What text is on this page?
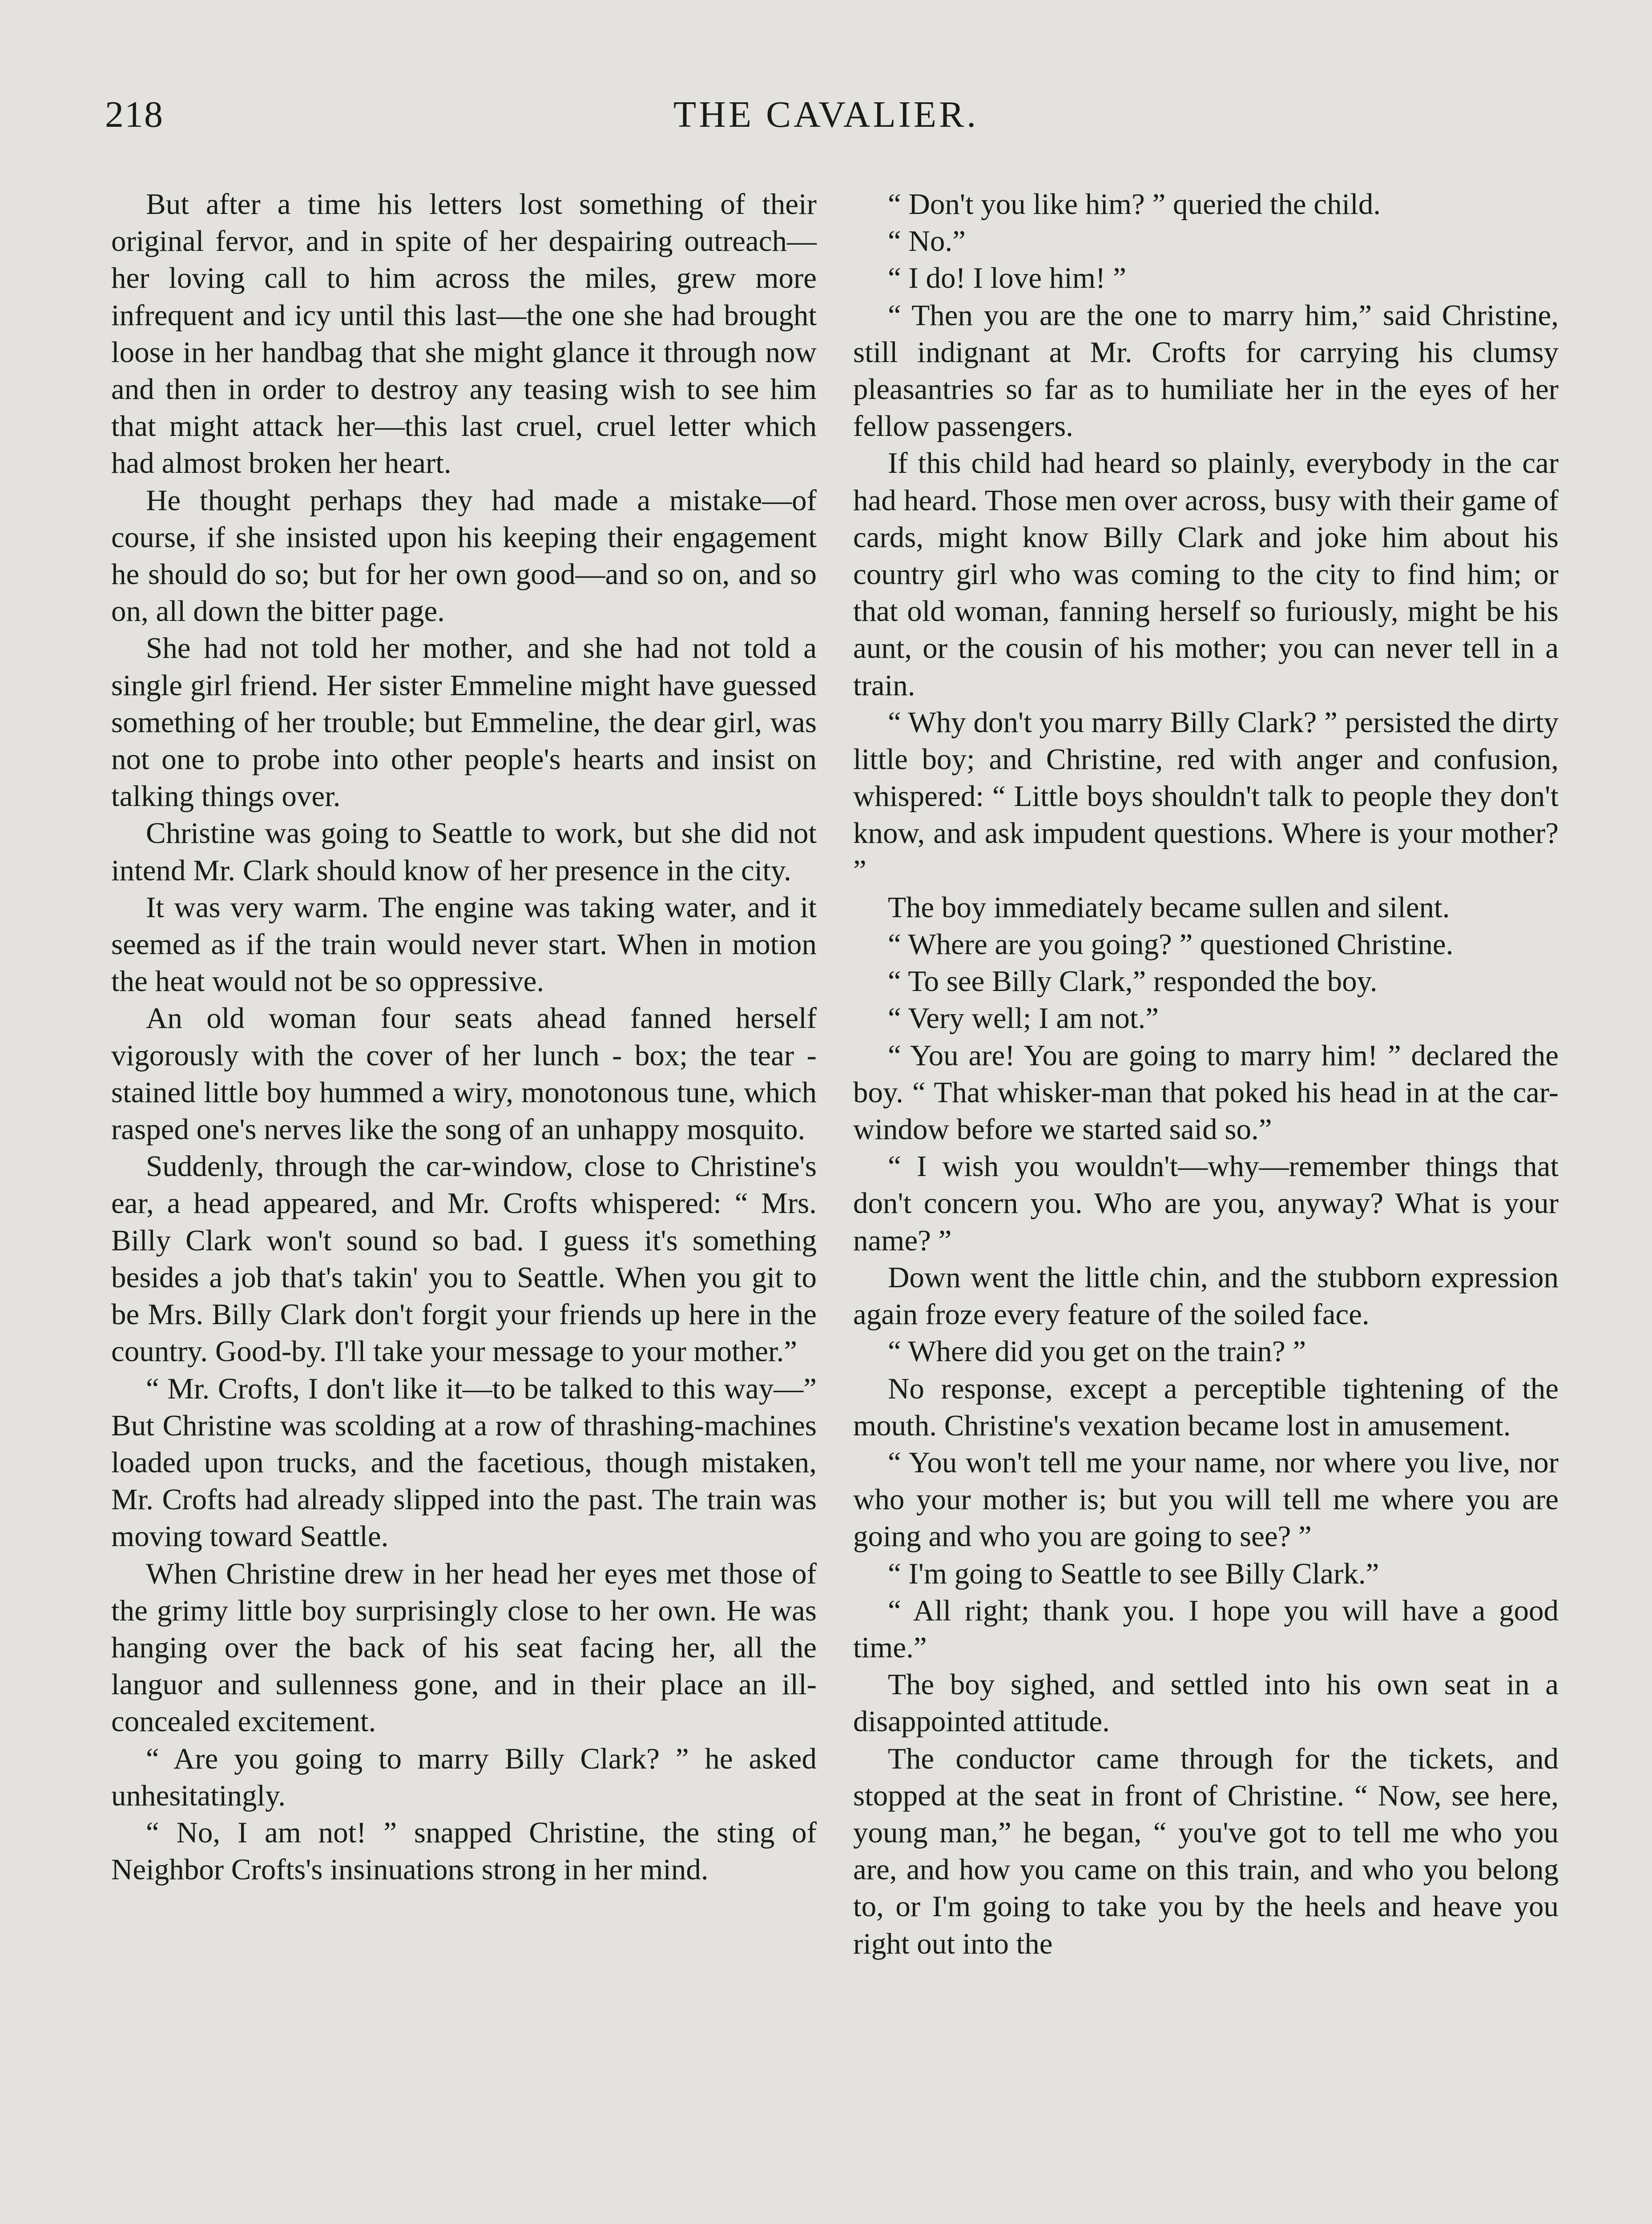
218	THE CAVALIER.

But after a time his letters lost something of their original fervor, and in spite of her despairing outreach—her loving call to him across the miles, grew more infrequent and icy until this last—the one she had brought loose in her handbag that she might glance it through now and then in order to destroy any teasing wish to see him that might attack her—this last cruel, cruel letter which had almost broken her heart.

He thought perhaps they had made a mistake—of course, if she insisted upon his keeping their engagement he should do so; but for her own good—and so on, and so on, all down the bitter page.

She had not told her mother, and she had not told a single girl friend. Her sister Emmeline might have guessed something of her trouble; but Emmeline, the dear girl, was not one to probe into other people's hearts and insist on talking things over.

Christine was going to Seattle to work, but she did not intend Mr. Clark should know of her presence in the city.

It was very warm. The engine was taking water, and it seemed as if the train would never start. When in motion the heat would not be so oppressive.

An old woman four seats ahead fanned herself vigorously with the cover of her lunch - box; the tear - stained little boy hummed a wiry, monotonous tune, which rasped one's nerves like the song of an unhappy mosquito.

Suddenly, through the car-window, close to Christine's ear, a head appeared, and Mr. Crofts whispered: “ Mrs. Billy Clark won't sound so bad. I guess it's something besides a job that's takin' you to Seattle. When you git to be Mrs. Billy Clark don't forgit your friends up here in the country. Good-by. I'll take your message to your mother.”

“ Mr. Crofts, I don't like it—to be talked to this way—” But Christine was scolding at a row of thrashing-machines loaded upon trucks, and the facetious, though mistaken, Mr. Crofts had already slipped into the past. The train was moving toward Seattle.

When Christine drew in her head her eyes met those of the grimy little boy surprisingly close to her own. He was hanging over the back of his seat facing her, all the languor and sullenness gone, and in their place an ill-concealed excitement.

“ Are you going to marry Billy Clark? ” he asked unhesitatingly.

“ No, I am not! ” snapped Christine, the sting of Neighbor Crofts's insinuations strong in her mind.

“ Don't you like him? ” queried the child.

“ No.”

“ I do! I love him! ”

“ Then you are the one to marry him,” said Christine, still indignant at Mr. Crofts for carrying his clumsy pleasantries so far as to humiliate her in the eyes of her fellow passengers.

If this child had heard so plainly, everybody in the car had heard. Those men over across, busy with their game of cards, might know Billy Clark and joke him about his country girl who was coming to the city to find him; or that old woman, fanning herself so furiously, might be his aunt, or the cousin of his mother; you can never tell in a train.

“ Why don't you marry Billy Clark? ” persisted the dirty little boy; and Christine, red with anger and confusion, whispered: “ Little boys shouldn't talk to people they don't know, and ask impudent questions. Where is your mother? ”

The boy immediately became sullen and silent.

“ Where are you going? ” questioned Christine.

“ To see Billy Clark,” responded the boy.

“ Very well; I am not.”

“ You are! You are going to marry him! ” declared the boy. “ That whisker-man that poked his head in at the car-window before we started said so.”

“ I wish you wouldn't—why—remember things that don't concern you. Who are you, anyway? What is your name? ”

Down went the little chin, and the stubborn expression again froze every feature of the soiled face.

“ Where did you get on the train? ”

No response, except a perceptible tightening of the mouth. Christine's vexation became lost in amusement.

“ You won't tell me your name, nor where you live, nor who your mother is; but you will tell me where you are going and who you are going to see? ”

“ I'm going to Seattle to see Billy Clark.”

“ All right; thank you. I hope you will have a good time.”

The boy sighed, and settled into his own seat in a disappointed attitude.

The conductor came through for the tickets, and stopped at the seat in front of Christine. “ Now, see here, young man,” he began, “ you've got to tell me who you are, and how you came on this train, and who you belong to, or I'm going to take you by the heels and heave you right out into the
